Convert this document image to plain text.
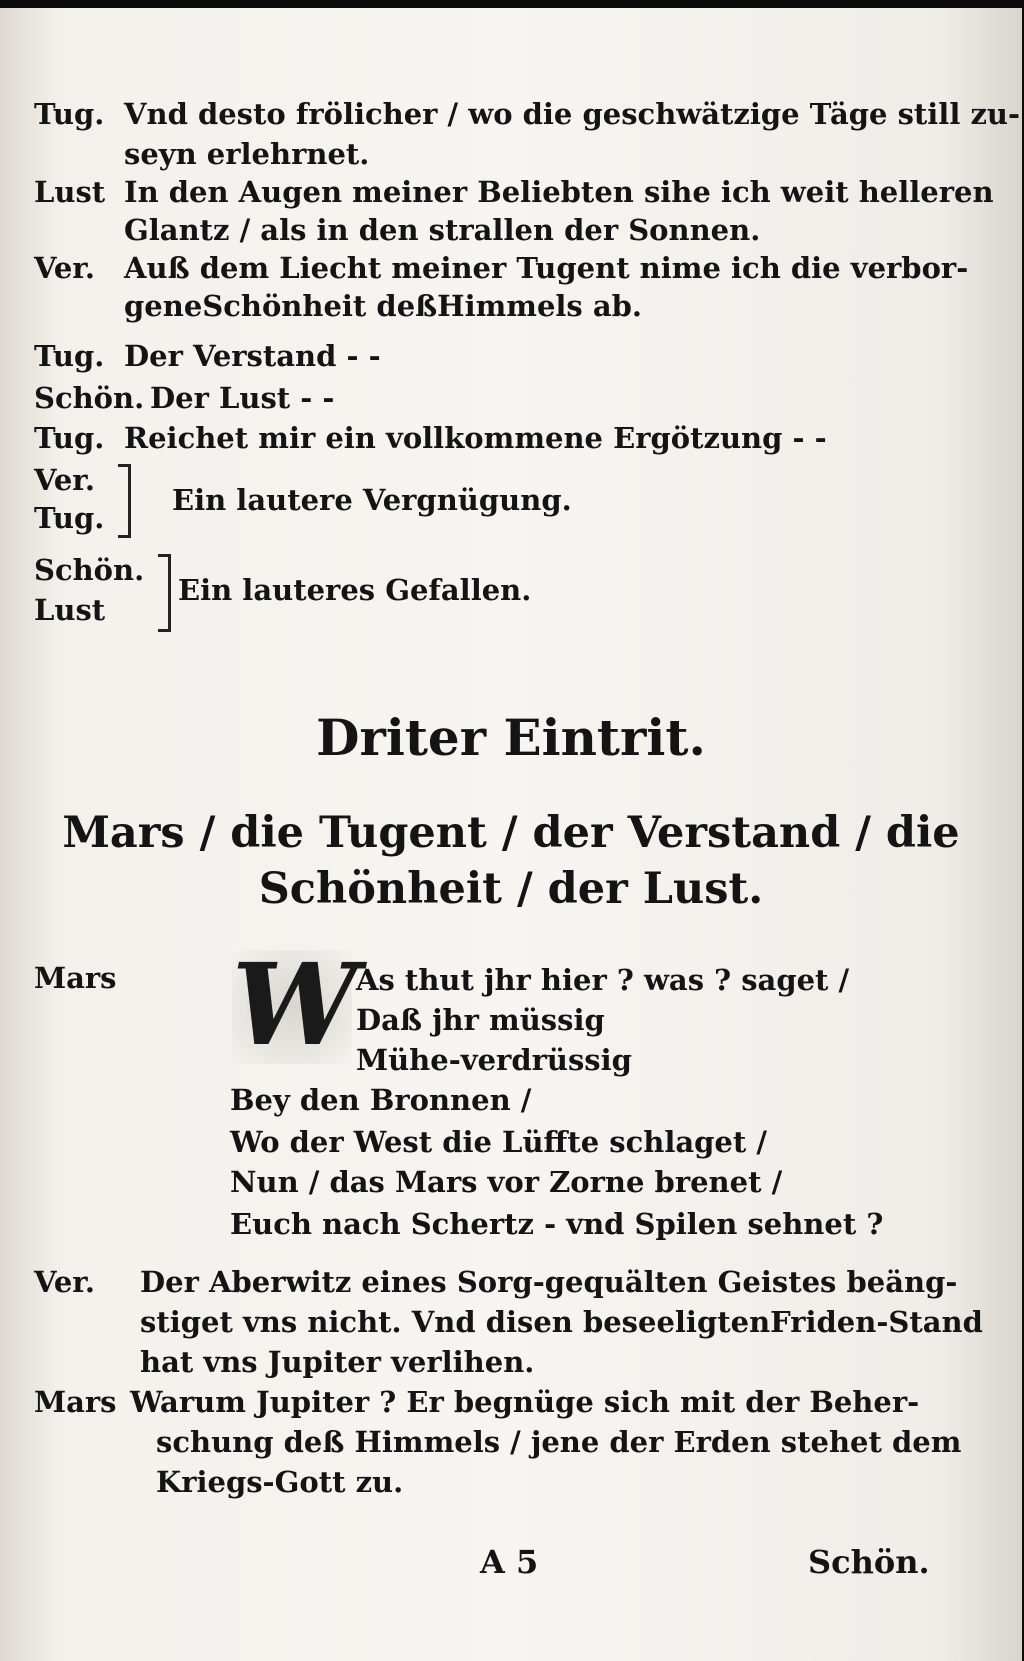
Tug. Vnd desto frölicher / wo die geschwätzige Täge still zu-
seyn erlehrnet.
Lust In den Augen meiner Beliebten sihe ich weit helleren
Glantz / als in den strallen der Sonnen.
Ver. Auß dem Liecht meiner Tugent nime ich die verbor-
geneSchönheit deßHimmels ab.
Tug. Der Verstand - -
Schön. Der Lust - -
Tug. Reichet mir ein vollkommene Ergötzung - -
Ver.
Tug.
Ein lautere Vergnügung.
Schön.
Lust
Ein lauteres Gefallen.
Driter Eintrit.
Mars / die Tugent / der Verstand / die
Schönheit / der Lust.
Mars W
As thut jhr hier ? was ? saget /
Daß jhr müssig
Mühe-verdrüssig
Bey den Bronnen /
Wo der West die Lüffte schlaget /
Nun / das Mars vor Zorne brenet /
Euch nach Schertz - vnd Spilen sehnet ?
Ver. Der Aberwitz eines Sorg-gequälten Geistes beäng-
stiget vns nicht. Vnd disen beseeligtenFriden-Stand
hat vns Jupiter verlihen.
Mars Warum Jupiter ? Er begnüge sich mit der Beher-
schung deß Himmels / jene der Erden stehet dem
Kriegs-Gott zu.
A 5	Schön.
